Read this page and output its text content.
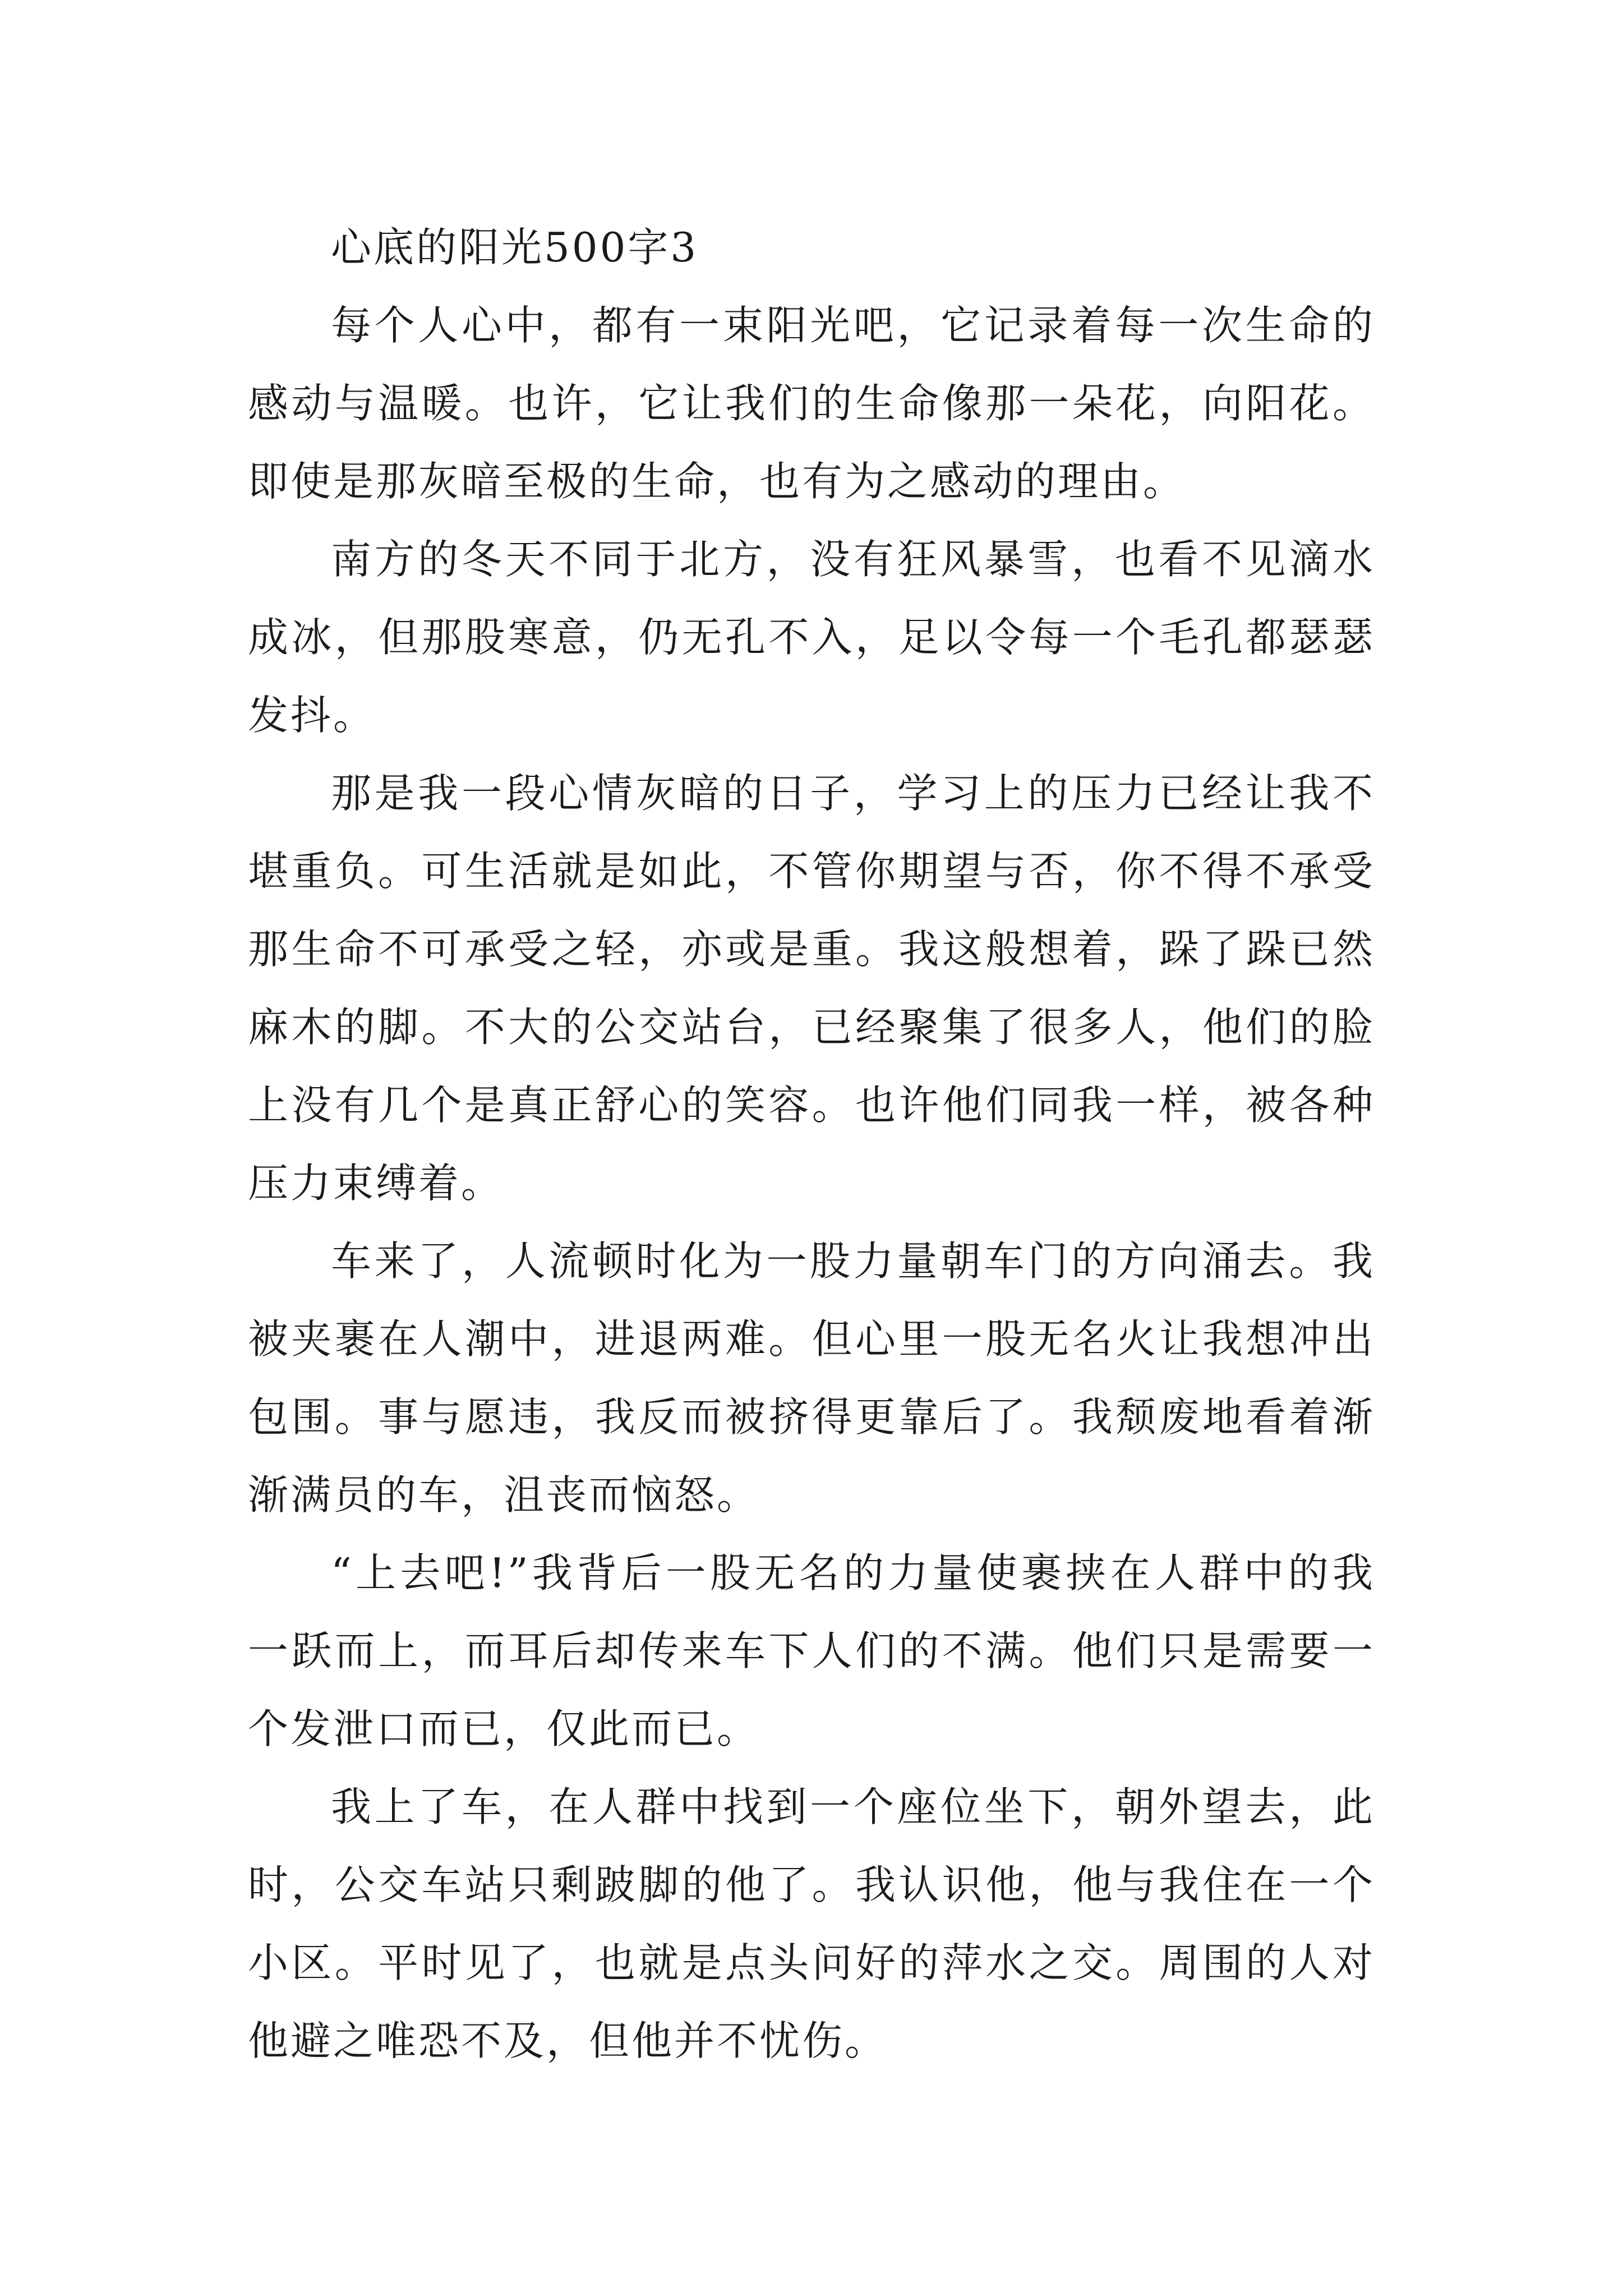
心底的阳光500字3

每个人心中，都有一束阳光吧，它记录着每一次生命的感动与温暖。也许，它让我们的生命像那一朵花，向阳花。即使是那灰暗至极的生命，也有为之感动的理由。

南方的冬天不同于北方，没有狂风暴雪，也看不见滴水成冰，但那股寒意，仍无孔不入，足以令每一个毛孔都瑟瑟发抖。

那是我一段心情灰暗的日子，学习上的压力已经让我不堪重负。可生活就是如此，不管你期望与否，你不得不承受那生命不可承受之轻，亦或是重。我这般想着，跺了跺已然麻木的脚。不大的公交站台，已经聚集了很多人，他们的脸上没有几个是真正舒心的笑容。也许他们同我一样，被各种压力束缚着。

车来了，人流顿时化为一股力量朝车门的方向涌去。我被夹裹在人潮中，进退两难。但心里一股无名火让我想冲出包围。事与愿违，我反而被挤得更靠后了。我颓废地看着渐渐满员的车，沮丧而恼怒。

“上去吧!”我背后一股无名的力量使裹挟在人群中的我一跃而上，而耳后却传来车下人们的不满。他们只是需要一个发泄口而已，仅此而已。

我上了车，在人群中找到一个座位坐下，朝外望去，此时，公交车站只剩跛脚的他了。我认识他，他与我住在一个小区。平时见了，也就是点头问好的萍水之交。周围的人对他避之唯恐不及，但他并不忧伤。
